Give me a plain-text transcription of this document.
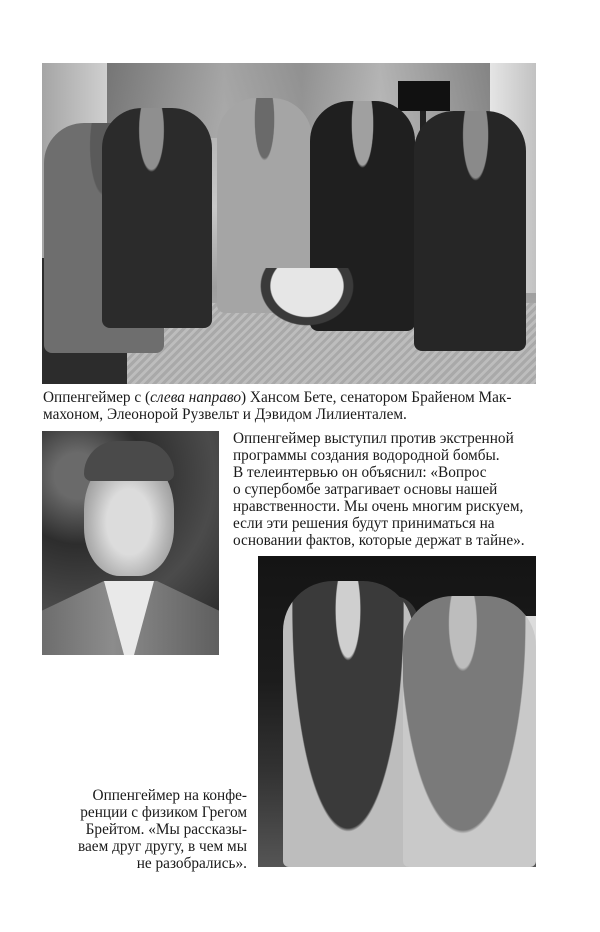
Оппенгеймер с (слева направо) Хансом Бете, сенатором Брайеном Мак-
махоном, Элеонорой Рузвельт и Дэвидом Лилиенталем.

Оппенгеймер выступил против экстренной
программы создания водородной бомбы.
В телеинтервью он объяснил: «Вопрос
о супербомбе затрагивает основы нашей
нравственности. Мы очень многим рискуем,
если эти решения будут приниматься на
основании фактов, которые держат в тайне».

Оппенгеймер на конфе-
ренции с физиком Грегом
Брейтом. «Мы рассказы-
ваем друг другу, в чем мы
не разобрались».
